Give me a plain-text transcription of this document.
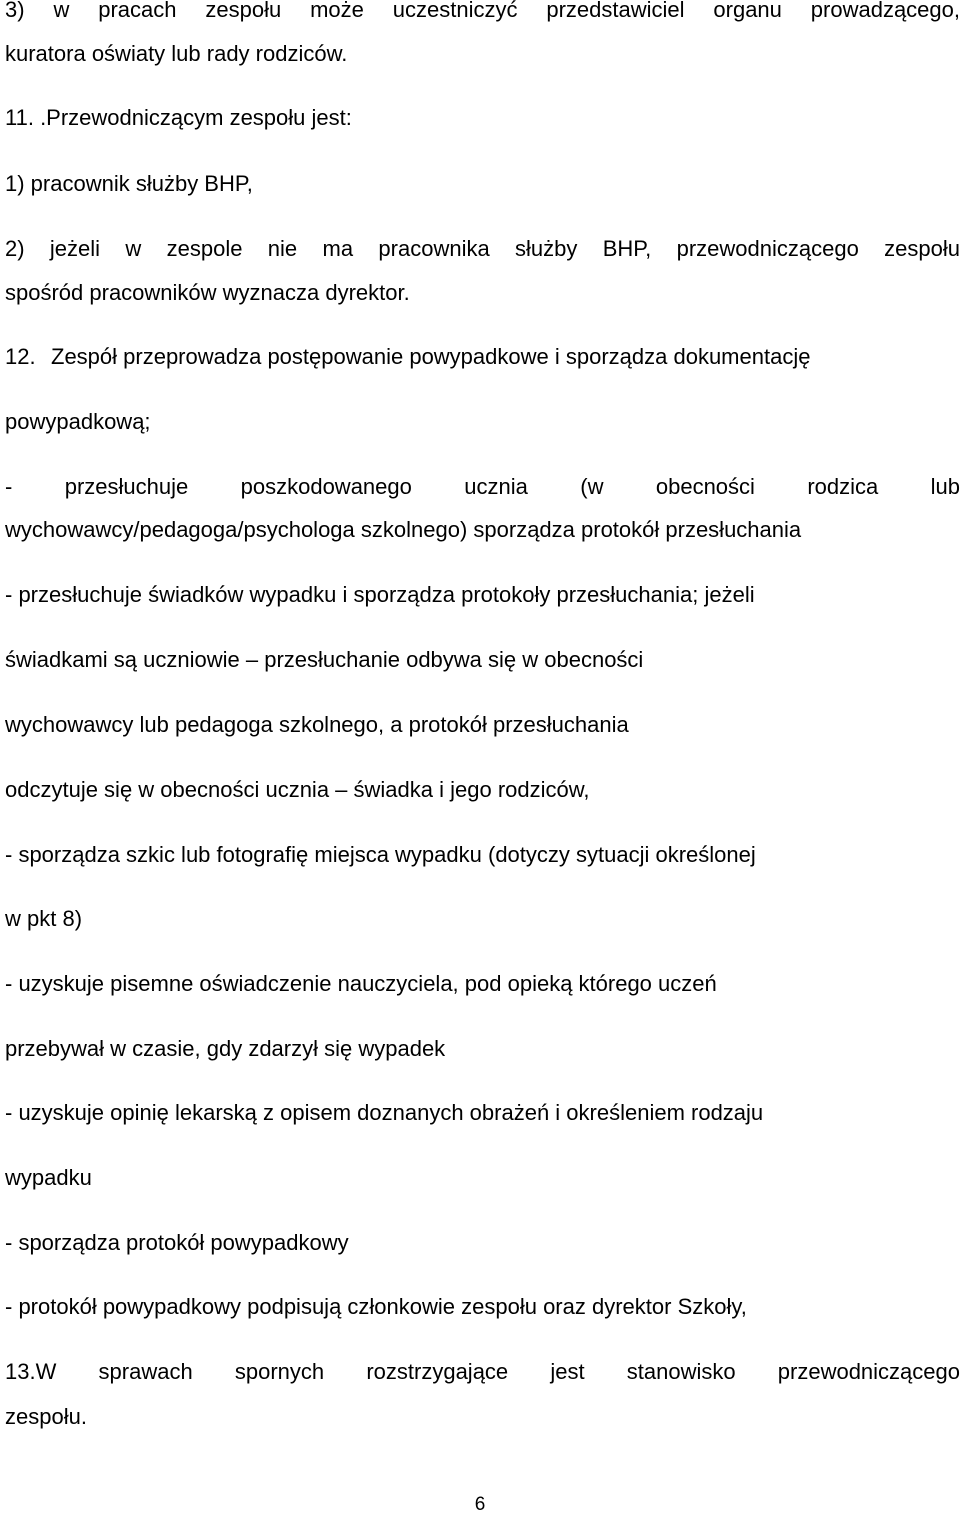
3) w pracach zespołu może uczestniczyć przedstawiciel organu prowadzącego,
kuratora oświaty lub rady rodziców.
11. .Przewodniczącym zespołu jest:
1) pracownik służby BHP,
2) jeżeli w zespole nie ma pracownika służby BHP, przewodniczącego zespołu
spośród pracowników wyznacza dyrektor.
12. Zespół przeprowadza postępowanie powypadkowe i sporządza dokumentację
powypadkową;
- przesłuchuje poszkodowanego ucznia (w obecności rodzica lub
wychowawcy/pedagoga/psychologa szkolnego) sporządza protokół przesłuchania
- przesłuchuje świadków wypadku i sporządza protokoły przesłuchania; jeżeli
świadkami są uczniowie – przesłuchanie odbywa się w obecności
wychowawcy lub pedagoga szkolnego, a protokół przesłuchania
odczytuje się w obecności ucznia – świadka i jego rodziców,
- sporządza szkic lub fotografię miejsca wypadku (dotyczy sytuacji określonej
w pkt 8)
- uzyskuje pisemne oświadczenie nauczyciela, pod opieką którego uczeń
przebywał w czasie, gdy zdarzył się wypadek
- uzyskuje opinię lekarską z opisem doznanych obrażeń i określeniem rodzaju
wypadku
- sporządza protokół powypadkowy
- protokół powypadkowy podpisują członkowie zespołu oraz dyrektor Szkoły,
13.W sprawach spornych rozstrzygające jest stanowisko przewodniczącego
zespołu.
6
